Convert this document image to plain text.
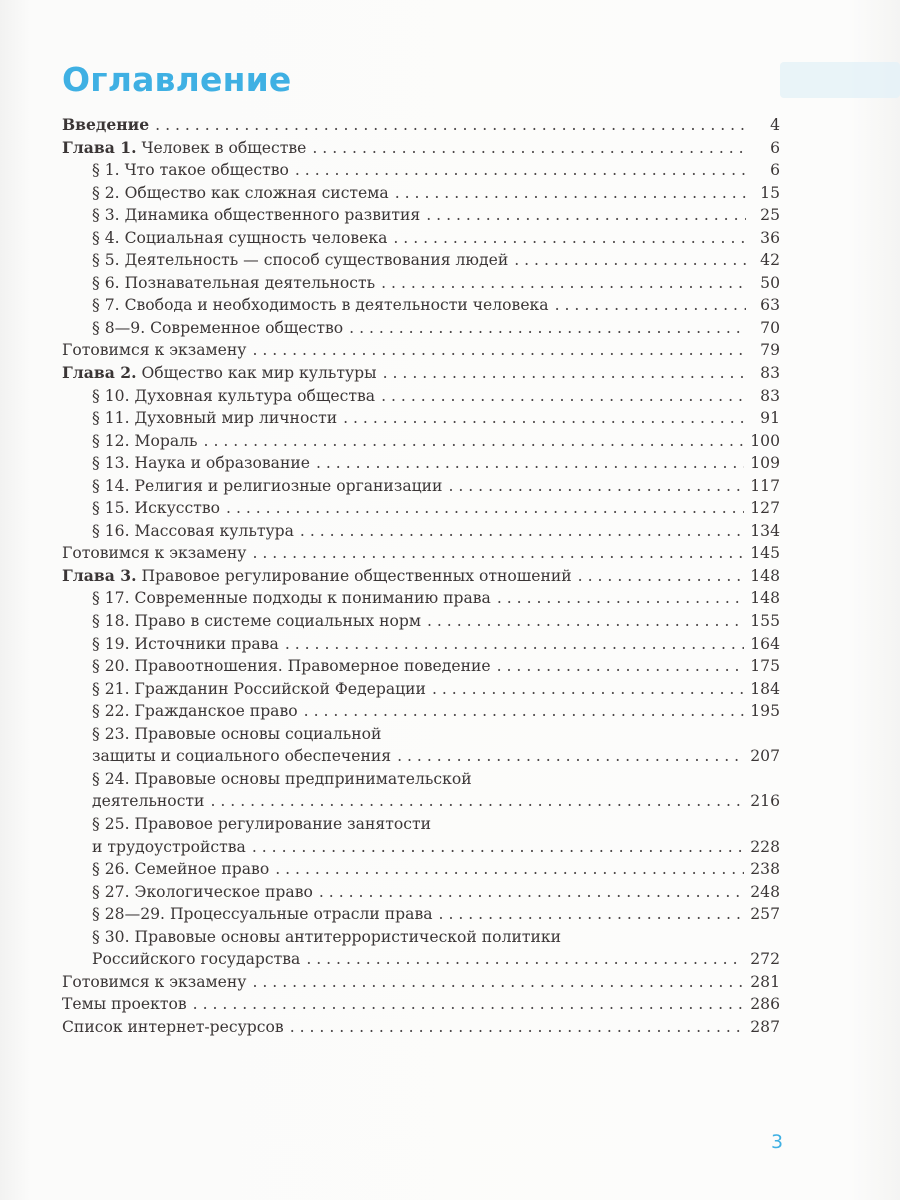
Оглавление
Введение . . .	4
Глава 1. Человек в обществе . . .	6
§ 1. Что такое общество . . .	6
§ 2. Общество как сложная система . . .	15
§ 3. Динамика общественного развития . . .	25
§ 4. Социальная сущность человека . . .	36
§ 5. Деятельность — способ существования людей . . .	42
§ 6. Познавательная деятельность . . .	50
§ 7. Свобода и необходимость в деятельности человека . . .	63
§ 8—9. Современное общество . . .	70
Готовимся к экзамену . . .	79
Глава 2. Общество как мир культуры . . .	83
§ 10. Духовная культура общества . . .	83
§ 11. Духовный мир личности . . .	91
§ 12. Мораль . . .	100
§ 13. Наука и образование . . .	109
§ 14. Религия и религиозные организации . . .	117
§ 15. Искусство . . .	127
§ 16. Массовая культура . . .	134
Готовимся к экзамену . . .	145
Глава 3. Правовое регулирование общественных отношений . . .	148
§ 17. Современные подходы к пониманию права . . .	148
§ 18. Право в системе социальных норм . . .	155
§ 19. Источники права . . .	164
§ 20. Правоотношения. Правомерное поведение . . .	175
§ 21. Гражданин Российской Федерации . . .	184
§ 22. Гражданское право . . .	195
§ 23. Правовые основы социальной
защиты и социального обеспечения . . .	207
§ 24. Правовые основы предпринимательской
деятельности . . .	216
§ 25. Правовое регулирование занятости
и трудоустройства . . .	228
§ 26. Семейное право . . .	238
§ 27. Экологическое право . . .	248
§ 28—29. Процессуальные отрасли права . . .	257
§ 30. Правовые основы антитеррористической политики
Российского государства . . .	272
Готовимся к экзамену . . .	281
Темы проектов . . .	286
Список интернет-ресурсов . . .	287
3
